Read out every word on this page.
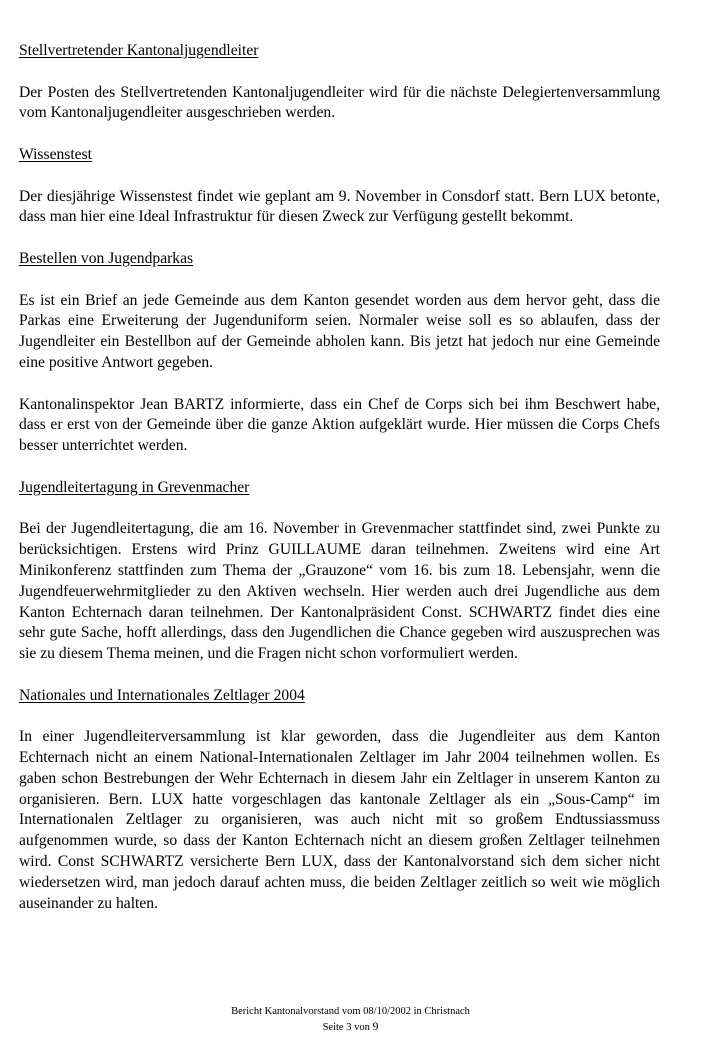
Stellvertretender Kantonaljugendleiter
Der Posten des Stellvertretenden Kantonaljugendleiter wird für die nächste Delegiertenversammlung vom Kantonaljugendleiter ausgeschrieben werden.
Wissenstest
Der diesjährige Wissenstest findet wie geplant am 9. November in Consdorf statt. Bern LUX betonte, dass man hier eine Ideal Infrastruktur für diesen Zweck zur Verfügung gestellt bekommt.
Bestellen von Jugendparkas
Es ist ein Brief an jede Gemeinde aus dem Kanton gesendet worden aus dem hervor geht, dass die Parkas eine Erweiterung der Jugenduniform seien. Normaler weise soll es so ablaufen, dass der Jugendleiter ein Bestellbon auf der Gemeinde abholen kann. Bis jetzt hat jedoch nur eine Gemeinde eine positive Antwort gegeben.
Kantonalinspektor Jean BARTZ informierte, dass ein Chef de Corps sich bei ihm Beschwert habe, dass er erst von der Gemeinde über die ganze Aktion aufgeklärt wurde. Hier müssen die Corps Chefs besser unterrichtet werden.
Jugendleitertagung in Grevenmacher
Bei der Jugendleitertagung, die am 16. November in Grevenmacher stattfindet sind, zwei Punkte zu berücksichtigen. Erstens wird Prinz GUILLAUME daran teilnehmen. Zweitens wird eine Art Minikonferenz stattfinden zum Thema der „Grauzone“ vom 16. bis zum 18. Lebensjahr, wenn die Jugendfeuerwehrmitglieder zu den Aktiven wechseln. Hier werden auch drei Jugendliche aus dem Kanton Echternach daran teilnehmen. Der Kantonalpräsident Const. SCHWARTZ findet dies eine sehr gute Sache, hofft allerdings, dass den Jugendlichen die Chance gegeben wird auszusprechen was sie zu diesem Thema meinen, und die Fragen nicht schon vorformuliert werden.
Nationales und Internationales Zeltlager 2004
In einer Jugendleiterversammlung ist klar geworden, dass die Jugendleiter aus dem Kanton Echternach nicht an einem National-Internationalen Zeltlager im Jahr 2004 teilnehmen wollen. Es gaben schon Bestrebungen der Wehr Echternach in diesem Jahr ein Zeltlager in unserem Kanton zu organisieren. Bern. LUX hatte vorgeschlagen das kantonale Zeltlager als ein „Sous-Camp“ im Internationalen Zeltlager zu organisieren, was auch nicht mit so großem Endtussiassmuss aufgenommen wurde, so dass der Kanton Echternach nicht an diesem großen Zeltlager teilnehmen wird. Const SCHWARTZ versicherte Bern LUX, dass der Kantonalvorstand sich dem sicher nicht wiedersetzen wird, man jedoch darauf achten muss, die beiden Zeltlager zeitlich so weit wie möglich auseinander zu halten.
Bericht Kantonalvorstand vom 08/10/2002 in Christnach
Seite 3 von 9
